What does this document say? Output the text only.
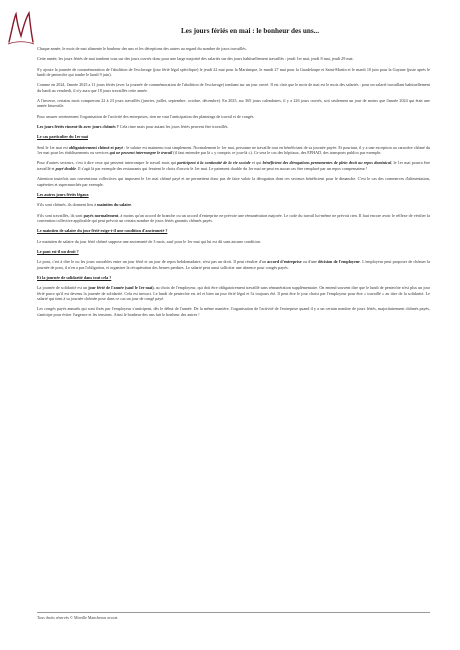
Les jours fériés en mai : le bonheur des uns...

Chaque année, le mois de mai alimente le bonheur des uns et les déceptions des autres au regard du nombre de jours travaillés.

Cette année, les jours fériés de mai tombent tous sur des jours ouvrés donc pour une large majorité des salariés sur des jours habituellement travaillés : jeudi 1er mai, jeudi 8 mai, jeudi 29 mai.

S'y ajoute la journée de commémoration de l'abolition de l'esclavage (jour férié légal spécifique) le jeudi 22 mai pour la Martinique, le mardi 27 mai pour la Guadeloupe et Saint-Martin et le mardi 10 juin pour la Guyane (juste après le lundi de pentecôte qui tombe le lundi 9 juin).

Comme en 2024, l'année 2025 a 11 jours fériés (avec la journée de commémoration de l'abolition de l'esclavage) tombant sur un jour ouvré. Il est clair que le mois de mai est le mois des salariés : pour un salarié travaillant habituellement du lundi au vendredi, il n'y aura que 18 jours travaillés cette année.

A l'inverse, certains mois comprerom 22 à 23 jours travaillés (janvier, juillet, septembre, octobre, décembre). En 2025, sur 365 jours calendaires, il y a 226 jours ouvrés, soit seulement un jour de moins que l'année 2024 qui était une année bissextile.

Pour assurer sereinement l'organisation de l'activité des entreprises, rien ne vaut l'anticipation des plannings de travail et de congés.

Les jours fériés riment-ils avec jours chômés ? Cela rime mais pour autant les jours fériés peuvent être travaillés.

Le cas particulier du 1er mai

Seul le 1er mai est obligatoirement chômé et payé : le salaire est maintenu tout simplement. Normalement le 1er mai, personne ne travaille tout en bénéficiant de sa journée payée. Et pourtant, il y a une exception au caractère chômé du 1er mai pour les établissements ou services qui ne peuvent interrompre le travail (il faut entendre par là « y compris ce jour-là »). Ce sera le cas des hôpitaux, des EPHAD, des transports publics par exemple.

Pour d'autres secteurs, c'est à dire ceux qui peuvent interrompre le travail mais qui participent à la continuité de la vie sociale et qui bénéficient des dérogations permanentes de plein droit au repos dominical, le 1er mai pourra être travaillé et payé double. Il s'agit là par exemple des restaurants qui feraient le choix d'ouvrir le 1er mai. Le paiement double du 1er mai ne peut en aucun cas être remplacé par un repos compensateur !

Attention toutefois aux conventions collectives qui imposent le 1er mai chômé payé et ne permettent donc pas de faire valoir la dérogation dont ces secteurs bénéficient pour le dimanche. C'est le cas des commerces d'alimentation, supérettes et supermarchés par exemple.

Les autres jours fériés légaux

S'ils sont chômés, ils donnent lieu à maintien du salaire.

S'ils sont travaillés, ils sont payés normalement, à moins qu'un accord de branche ou un accord d'entreprise ne prévoie une rémunération majorée. Le code du travail lui-même ne prévoit rien. Il faut encore avoir le réflexe de vérifier la convention collective applicable qui peut prévoir un certain nombre de jours fériés garantis chômés payés.

Le maintien de salaire du jour férié exige-t-il une condition d'ancienneté ?

Le maintien de salaire du jour férié chômé suppose une ancienneté de 3 mois, sauf pour le 1er mai qui lui est dû sans aucune condition.

Le pont est-il un droit ?

Le pont, c'est à dire le ou les jours ouvrables entre un jour férié et un jour de repos hebdomadaire, n'est pas un droit. Il peut résulter d'un accord d'entreprise ou d'une décision de l'employeur. L'employeur peut proposer de chômer la journée de pont, il n'en a pas l'obligation, et organiser la récupération des heures perdues. Le salarié peut aussi solliciter une absence pour congés payés.

Et la journée de solidarité dans tout cela ?

La journée de solidarité est un jour férié de l'année (sauf le 1er mai), au choix de l'employeur, qui doit être obligatoirement travaillé sans rémunération supplémentaire. On entend souvent dire que le lundi de pentecôte n'est plus un jour férié parce qu'il est devenu la journée de solidarité. Cela est inexact. Le lundi de pentecôte est tel et bien un jour férié légal et l'a toujours été. Il peut être le jour choisi par l'employeur pour être « travaillé » au titre de la solidarité. Le salarié qui tient à sa journée chômée pose dans ce cas un jour de congé payé.

Les congés payés annuels qui sont fixés par l'employeur s'anticipent, dès le début de l'année. De la même manière, l'organisation de l'activité de l'entreprise quand il y a un certain nombre de jours fériés, majoritairement chômés payés, s'anticipe pour éviter l'urgence et les tensions. Ainsi le bonheur des uns fait le bonheur des autres !

Tous droits réservés © Mireille Mancheron avocat
